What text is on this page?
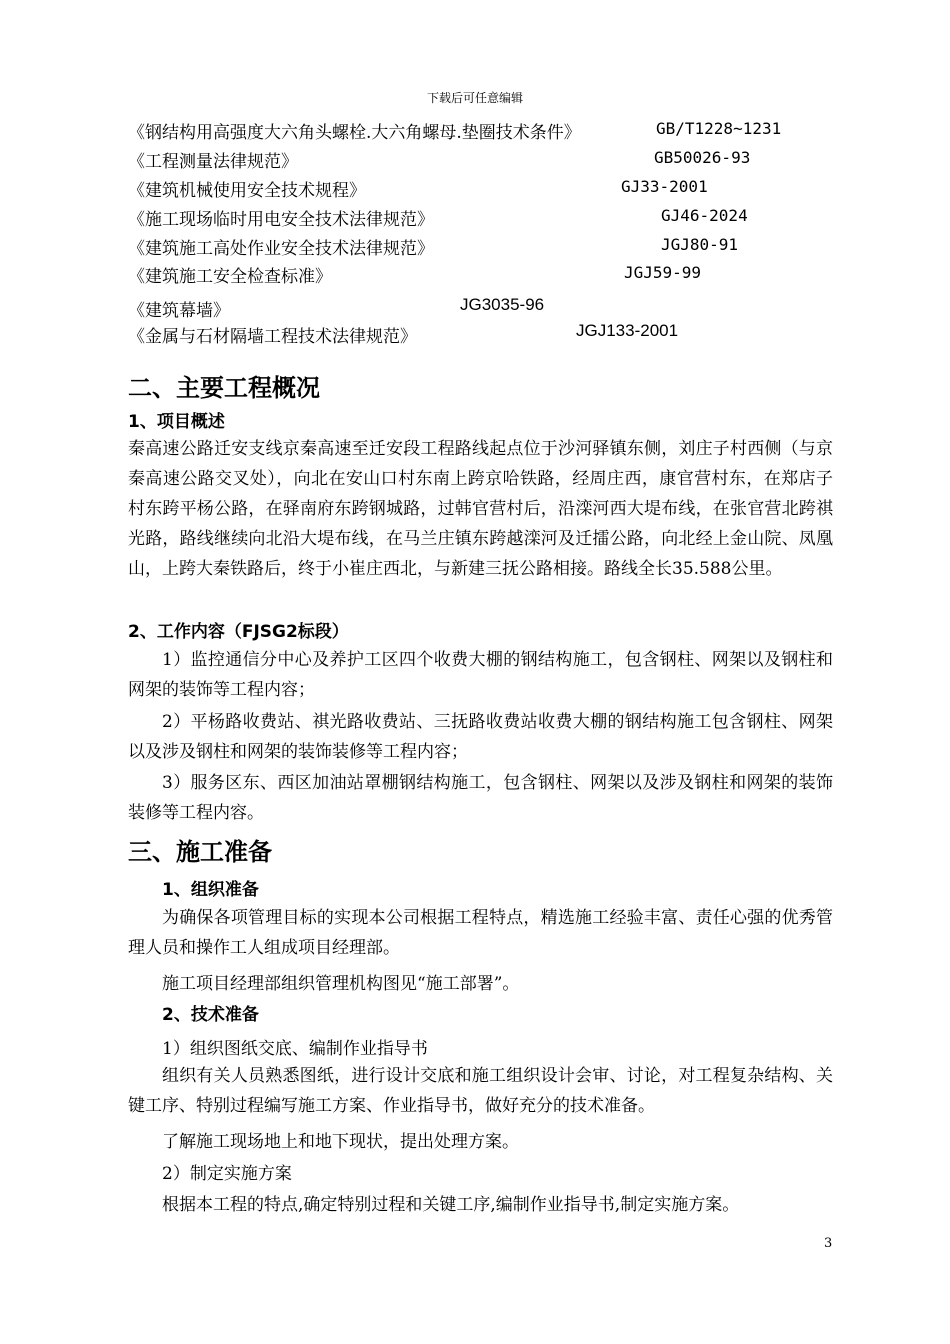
下载后可任意编辑
《钢结构用高强度大六角头螺栓.大六角螺母.垫圈技术条件》	GB/T1228~1231
《工程测量法律规范》	GB50026-93
《建筑机械使用安全技术规程》	GJ33-2001
《施工现场临时用电安全技术法律规范》	GJ46-2024
《建筑施工高处作业安全技术法律规范》	JGJ80-91
《建筑施工安全检查标准》	JGJ59-99
《建筑幕墙》	JG3035-96
《金属与石材隔墙工程技术法律规范》	JGJ133-2001
二、主要工程概况
1、项目概述
秦高速公路迁安支线京秦高速至迁安段工程路线起点位于沙河驿镇东侧，刘庄子村西侧（与京秦高速公路交叉处），向北在安山口村东南上跨京哈铁路，经周庄西，康官营村东，在郑店子村东跨平杨公路，在驿南府东跨钢城路，过韩官营村后，沿滦河西大堤布线，在张官营北跨祺光路，路线继续向北沿大堤布线，在马兰庄镇东跨越滦河及迁擂公路，向北经上金山院、凤凰山，上跨大秦铁路后，终于小崔庄西北，与新建三抚公路相接。路线全长35.588公里。
2、工作内容（FJSG2标段）
1）监控通信分中心及养护工区四个收费大棚的钢结构施工，包含钢柱、网架以及钢柱和网架的装饰等工程内容；
2）平杨路收费站、祺光路收费站、三抚路收费站收费大棚的钢结构施工包含钢柱、网架以及涉及钢柱和网架的装饰装修等工程内容；
3）服务区东、西区加油站罩棚钢结构施工，包含钢柱、网架以及涉及钢柱和网架的装饰装修等工程内容。
三、施工准备
1、组织准备
为确保各项管理目标的实现本公司根据工程特点，精选施工经验丰富、责任心强的优秀管理人员和操作工人组成项目经理部。
施工项目经理部组织管理机构图见“施工部署”。
2、技术准备
1）组织图纸交底、编制作业指导书
组织有关人员熟悉图纸，进行设计交底和施工组织设计会审、讨论，对工程复杂结构、关键工序、特别过程编写施工方案、作业指导书，做好充分的技术准备。
了解施工现场地上和地下现状，提出处理方案。
2）制定实施方案
根据本工程的特点,确定特别过程和关键工序,编制作业指导书,制定实施方案。
3
